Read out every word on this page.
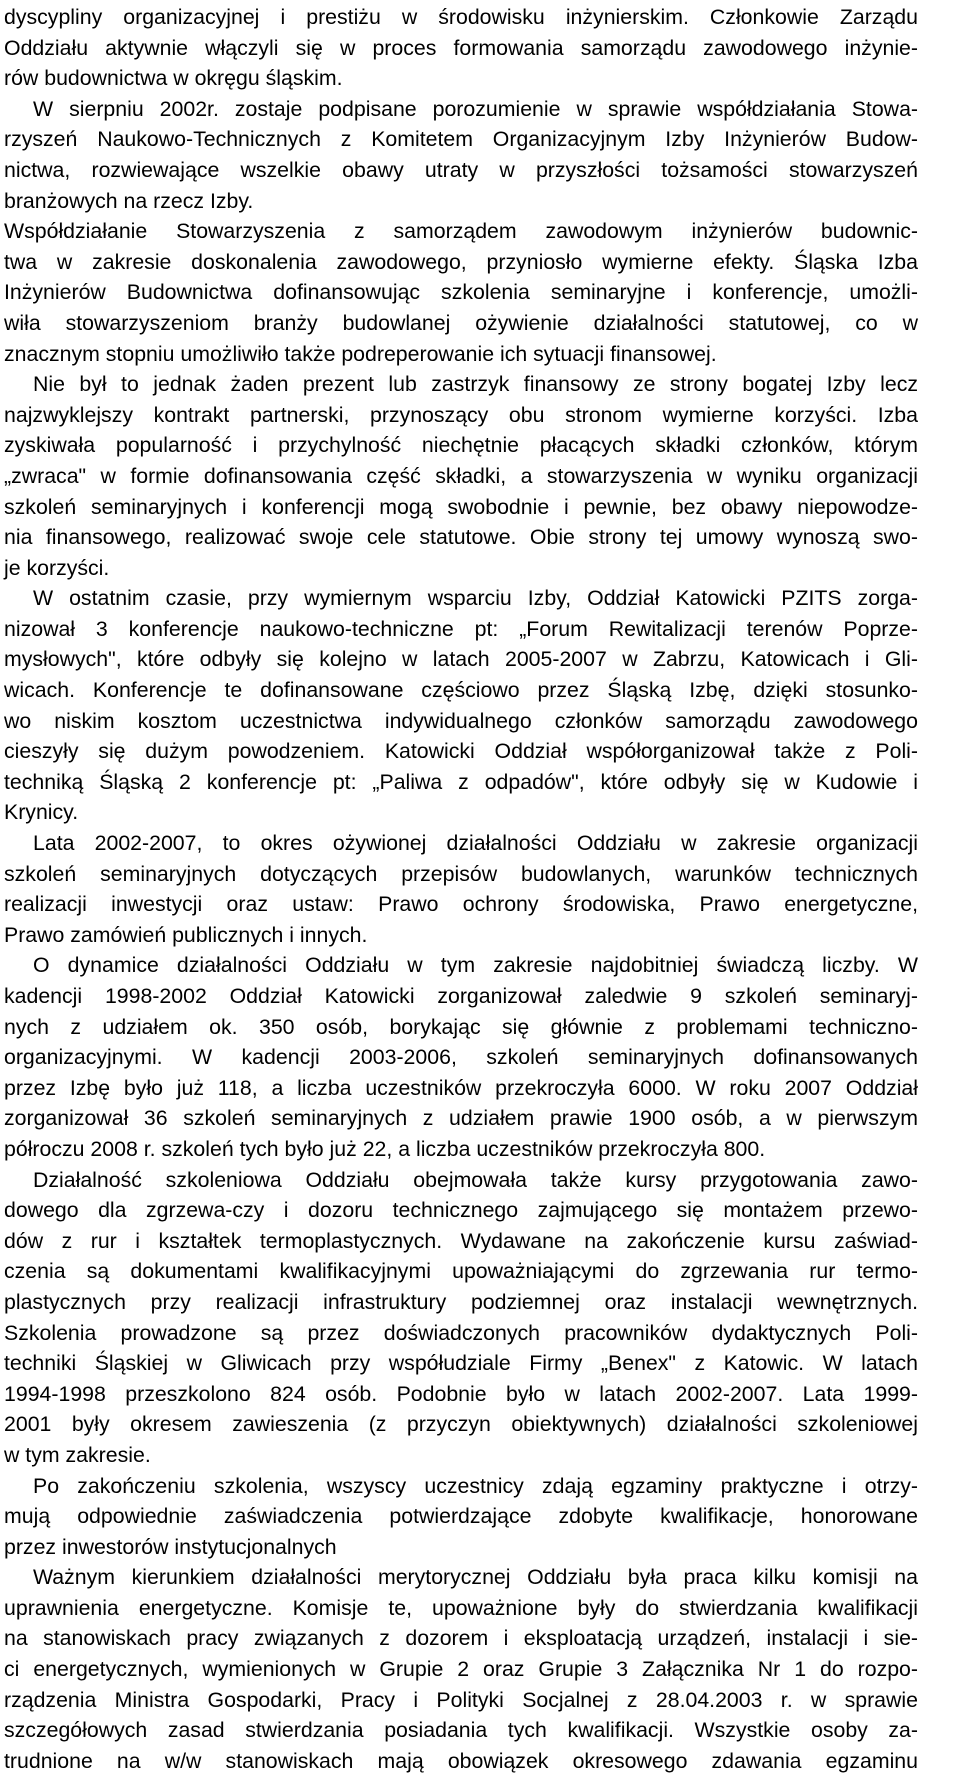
dyscypliny organizacyjnej i prestiżu w środowisku inżynierskim. Członkowie Zarządu
Oddziału aktywnie włączyli się w proces formowania samorządu zawodowego inżynie-
rów budownictwa w okręgu śląskim.
W sierpniu 2002r. zostaje podpisane porozumienie w sprawie współdziałania Stowa-
rzyszeń Naukowo-Technicznych z Komitetem Organizacyjnym Izby Inżynierów Budow-
nictwa, rozwiewające wszelkie obawy utraty w przyszłości tożsamości stowarzyszeń
branżowych na rzecz Izby.
Współdziałanie Stowarzyszenia z samorządem zawodowym inżynierów budownic-
twa w zakresie doskonalenia zawodowego, przyniosło wymierne efekty. Śląska Izba
Inżynierów Budownictwa dofinansowując szkolenia seminaryjne i konferencje, umożli-
wiła stowarzyszeniom branży budowlanej ożywienie działalności statutowej, co w
znacznym stopniu umożliwiło także podreperowanie ich sytuacji finansowej.
Nie był to jednak żaden prezent lub zastrzyk finansowy ze strony bogatej Izby lecz
najzwyklejszy kontrakt partnerski, przynoszący obu stronom wymierne korzyści. Izba
zyskiwała popularność i przychylność niechętnie płacących składki członków, którym
„zwraca" w formie dofinansowania część składki, a stowarzyszenia w wyniku organizacji
szkoleń seminaryjnych i konferencji mogą swobodnie i pewnie, bez obawy niepowodze-
nia finansowego, realizować swoje cele statutowe. Obie strony tej umowy wynoszą swo-
je korzyści.
W ostatnim czasie, przy wymiernym wsparciu Izby, Oddział Katowicki PZITS zorga-
nizował 3 konferencje naukowo-techniczne pt: „Forum Rewitalizacji terenów Poprze-
mysłowych", które odbyły się kolejno w latach 2005-2007 w Zabrzu, Katowicach i Gli-
wicach. Konferencje te dofinansowane częściowo przez Śląską Izbę, dzięki stosunko-
wo niskim kosztom uczestnictwa indywidualnego członków samorządu zawodowego
cieszyły się dużym powodzeniem. Katowicki Oddział współorganizował także z Poli-
techniką Śląską 2 konferencje pt: „Paliwa z odpadów", które odbyły się w Kudowie i
Krynicy.
Lata 2002-2007, to okres ożywionej działalności Oddziału w zakresie organizacji
szkoleń seminaryjnych dotyczących przepisów budowlanych, warunków technicznych
realizacji inwestycji oraz ustaw: Prawo ochrony środowiska, Prawo energetyczne,
Prawo zamówień publicznych i innych.
O dynamice działalności Oddziału w tym zakresie najdobitniej świadczą liczby. W
kadencji 1998-2002 Oddział Katowicki zorganizował zaledwie 9 szkoleń seminaryj-
nych z udziałem ok. 350 osób, borykając się głównie z problemami techniczno-
organizacyjnymi. W kadencji 2003-2006, szkoleń seminaryjnych dofinansowanych
przez Izbę było już 118, a liczba uczestników przekroczyła 6000. W roku 2007 Oddział
zorganizował 36 szkoleń seminaryjnych z udziałem prawie 1900 osób, a w pierwszym
półroczu 2008 r. szkoleń tych było już 22, a liczba uczestników przekroczyła 800.
Działalność szkoleniowa Oddziału obejmowała także kursy przygotowania zawo-
dowego dla zgrzewa-czy i dozoru technicznego zajmującego się montażem przewo-
dów z rur i kształtek termoplastycznych. Wydawane na zakończenie kursu zaświad-
czenia są dokumentami kwalifikacyjnymi upoważniającymi do zgrzewania rur termo-
plastycznych przy realizacji infrastruktury podziemnej oraz instalacji wewnętrznych.
Szkolenia prowadzone są przez doświadczonych pracowników dydaktycznych Poli-
techniki Śląskiej w Gliwicach przy współudziale Firmy „Benex" z Katowic. W latach
1994-1998 przeszkolono 824 osób. Podobnie było w latach 2002-2007. Lata 1999-
2001 były okresem zawieszenia (z przyczyn obiektywnych) działalności szkoleniowej
w tym zakresie.
Po zakończeniu szkolenia, wszyscy uczestnicy zdają egzaminy praktyczne i otrzy-
mują odpowiednie zaświadczenia potwierdzające zdobyte kwalifikacje, honorowane
przez inwestorów instytucjonalnych
Ważnym kierunkiem działalności merytorycznej Oddziału była praca kilku komisji na
uprawnienia energetyczne. Komisje te, upoważnione były do stwierdzania kwalifikacji
na stanowiskach pracy związanych z dozorem i eksploatacją urządzeń, instalacji i sie-
ci energetycznych, wymienionych w Grupie 2 oraz Grupie 3 Załącznika Nr 1 do rozpo-
rządzenia Ministra Gospodarki, Pracy i Polityki Socjalnej z 28.04.2003 r. w sprawie
szczegółowych zasad stwierdzania posiadania tych kwalifikacji. Wszystkie osoby za-
trudnione na w/w stanowiskach mają obowiązek okresowego zdawania egzaminu
